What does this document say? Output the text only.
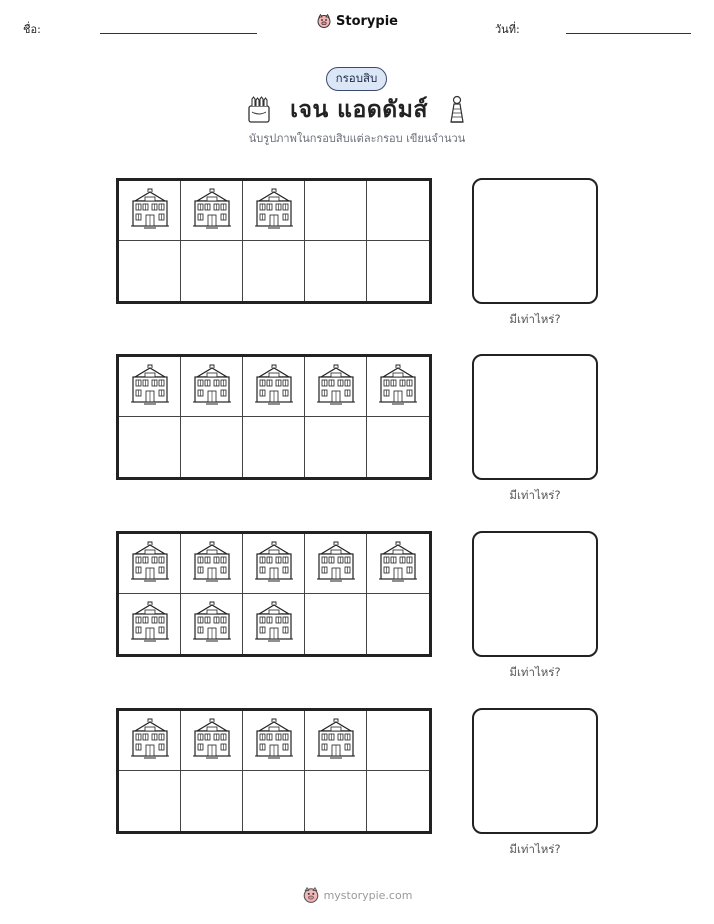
ชื่อ:
Storypie
วันที่:
กรอบสิบ
เจน แอดดัมส์
นับรูปภาพในกรอบสิบแต่ละกรอบ เขียนจำนวน
มีเท่าไหร่?
มีเท่าไหร่?
มีเท่าไหร่?
มีเท่าไหร่?
mystorypie.com
